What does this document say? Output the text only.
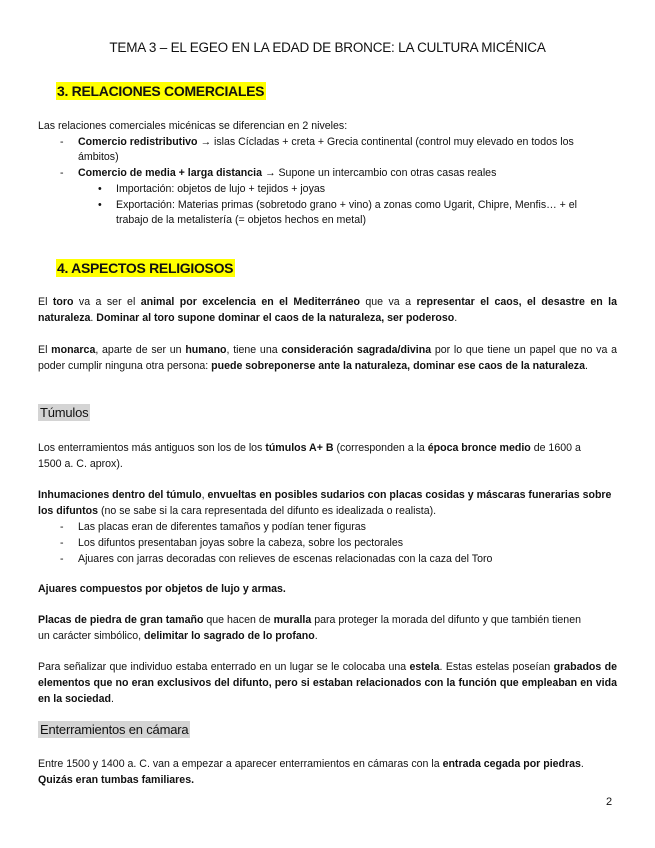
TEMA 3 – EL EGEO EN LA EDAD DE BRONCE: LA CULTURA MICÉNICA
3. RELACIONES COMERCIALES
Las relaciones comerciales micénicas se diferencian en 2 niveles:
- Comercio redistributivo → islas Cícladas + creta + Grecia continental (control muy elevado en todos los
ámbitos)
- Comercio de media + larga distancia → Supone un intercambio con otras casas reales
• Importación: objetos de lujo + tejidos + joyas
• Exportación: Materias primas (sobretodo grano + vino) a zonas como Ugarit, Chipre, Menfis… + el
trabajo de la metalistería (= objetos hechos en metal)
4. ASPECTOS RELIGIOSOS
El toro va a ser el animal por excelencia en el Mediterráneo que va a representar el caos, el desastre en la naturaleza. Dominar al toro supone dominar el caos de la naturaleza, ser poderoso.
El monarca, aparte de ser un humano, tiene una consideración sagrada/divina por lo que tiene un papel que no va a poder cumplir ninguna otra persona: puede sobreponerse ante la naturaleza, dominar ese caos de la naturaleza.
Túmulos
Los enterramientos más antiguos son los de los túmulos A+ B (corresponden a la época bronce medio de 1600 a
1500 a. C. aprox).
Inhumaciones dentro del túmulo, envueltas en posibles sudarios con placas cosidas y máscaras funerarias sobre
los difuntos (no se sabe si la cara representada del difunto es idealizada o realista).
- Las placas eran de diferentes tamaños y podían tener figuras
- Los difuntos presentaban joyas sobre la cabeza, sobre los pectorales
- Ajuares con jarras decoradas con relieves de escenas relacionadas con la caza del Toro
Ajuares compuestos por objetos de lujo y armas.
Placas de piedra de gran tamaño que hacen de muralla para proteger la morada del difunto y que también tienen
un carácter simbólico, delimitar lo sagrado de lo profano.
Para señalizar que individuo estaba enterrado en un lugar se le colocaba una estela. Estas estelas poseían grabados de elementos que no eran exclusivos del difunto, pero si estaban relacionados con la función que empleaban en vida en la sociedad.
Enterramientos en cámara
Entre 1500 y 1400 a. C. van a empezar a aparecer enterramientos en cámaras con la entrada cegada por piedras.
Quizás eran tumbas familiares.
2
